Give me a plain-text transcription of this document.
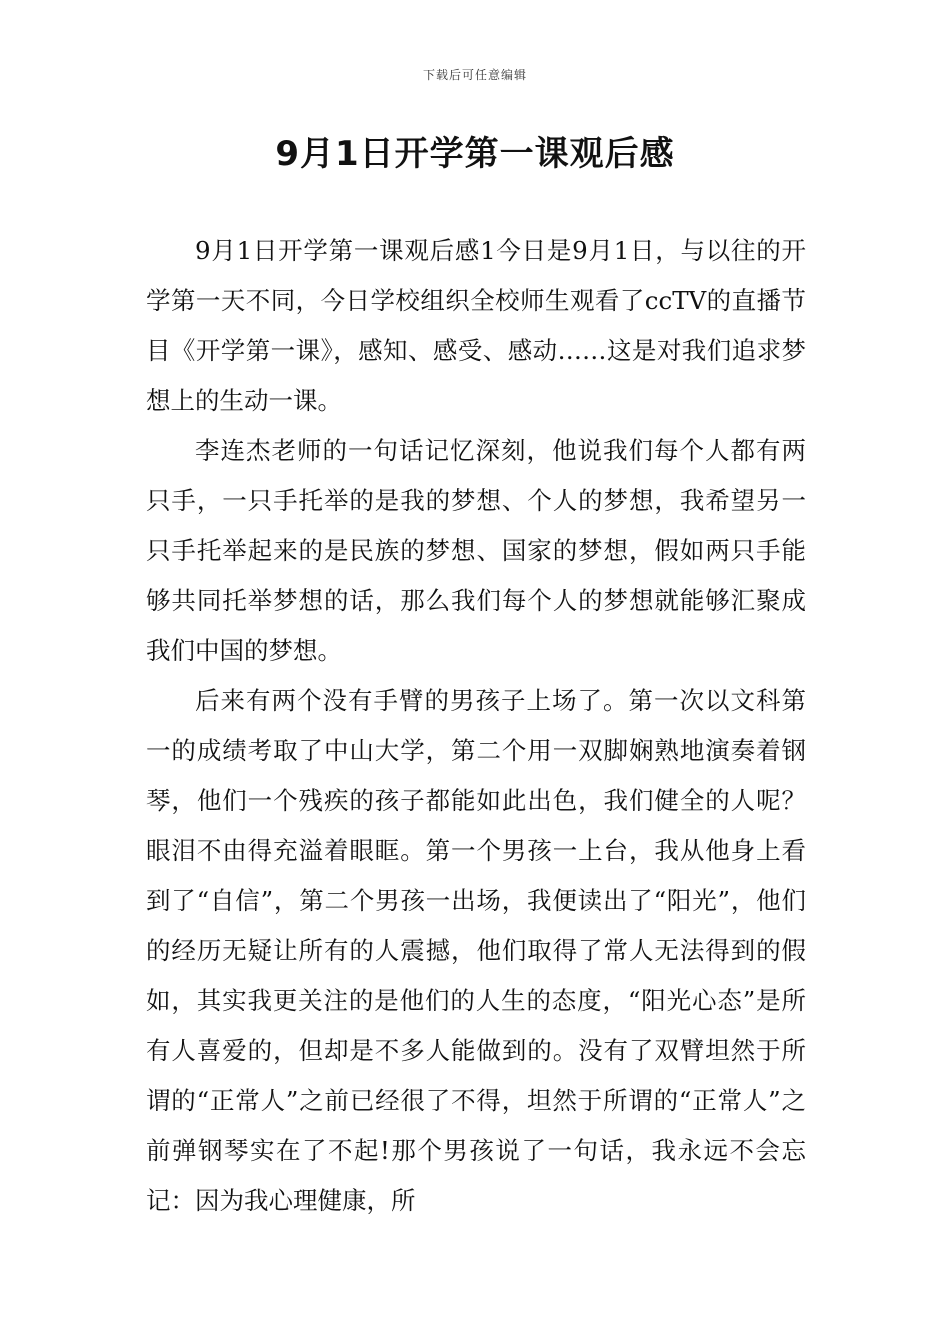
下载后可任意编辑
9月1日开学第一课观后感

9月1日开学第一课观后感1今日是9月1日，与以往的开学第一天不同，今日学校组织全校师生观看了ccTV的直播节目《开学第一课》，感知、感受、感动……这是对我们追求梦想上的生动一课。

李连杰老师的一句话记忆深刻，他说我们每个人都有两只手，一只手托举的是我的梦想、个人的梦想，我希望另一只手托举起来的是民族的梦想、国家的梦想，假如两只手能够共同托举梦想的话，那么我们每个人的梦想就能够汇聚成我们中国的梦想。

后来有两个没有手臂的男孩子上场了。第一次以文科第一的成绩考取了中山大学，第二个用一双脚娴熟地演奏着钢琴，他们一个残疾的孩子都能如此出色，我们健全的人呢？眼泪不由得充溢着眼眶。第一个男孩一上台，我从他身上看到了“自信”，第二个男孩一出场，我便读出了“阳光”，他们的经历无疑让所有的人震撼，他们取得了常人无法得到的假如，其实我更关注的是他们的人生的态度，“阳光心态”是所有人喜爱的，但却是不多人能做到的。没有了双臂坦然于所谓的“正常人”之前已经很了不得，坦然于所谓的“正常人”之前弹钢琴实在了不起!那个男孩说了一句话，我永远不会忘记：因为我心理健康，所
